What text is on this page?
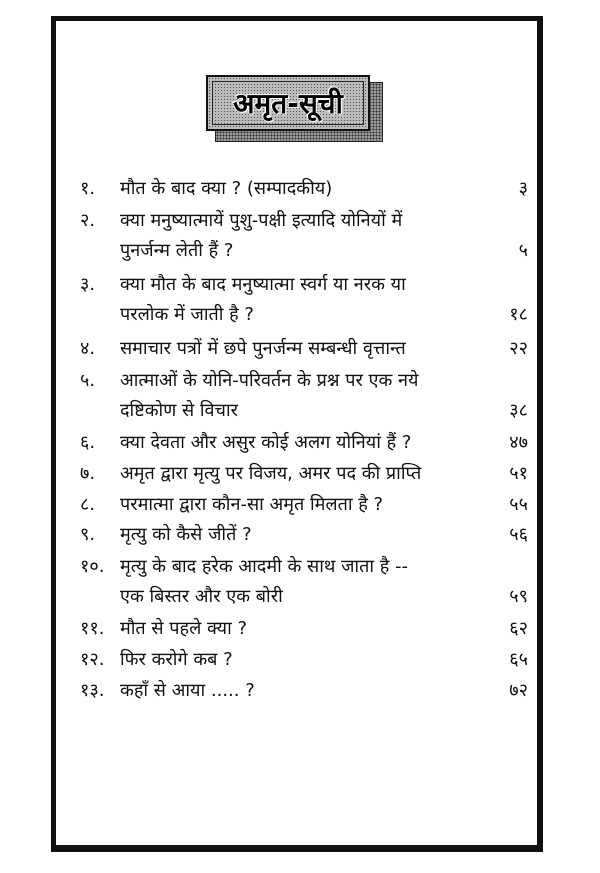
अमृत-सूची
१. मौत के बाद क्या ? (सम्पादकीय)	३
२. क्या मनुष्यात्मायें पुशु-पक्षी इत्यादि योनियों में
पुनर्जन्म लेती हैं ?	५
३. क्या मौत के बाद मनुष्यात्मा स्वर्ग या नरक या
परलोक में जाती है ?	१८
४. समाचार पत्रों में छपे पुनर्जन्म सम्बन्धी वृत्तान्त	२२
५. आत्माओं के योनि-परिवर्तन के प्रश्न पर एक नये
दष्टिकोण से विचार	३८
६. क्या देवता और असुर कोई अलग योनियां हैं ?	४७
७. अमृत द्वारा मृत्यु पर विजय, अमर पद की प्राप्ति	५१
८. परमात्मा द्वारा कौन-सा अमृत मिलता है ?	५५
९. मृत्यु को कैसे जीतें ?	५६
१०. मृत्यु के बाद हरेक आदमी के साथ जाता है --
एक बिस्तर और एक बोरी	५९
११. मौत से पहले क्या ?	६२
१२. फिर करोगे कब ?	६५
१३. कहाँ से आया ..... ?	७२
